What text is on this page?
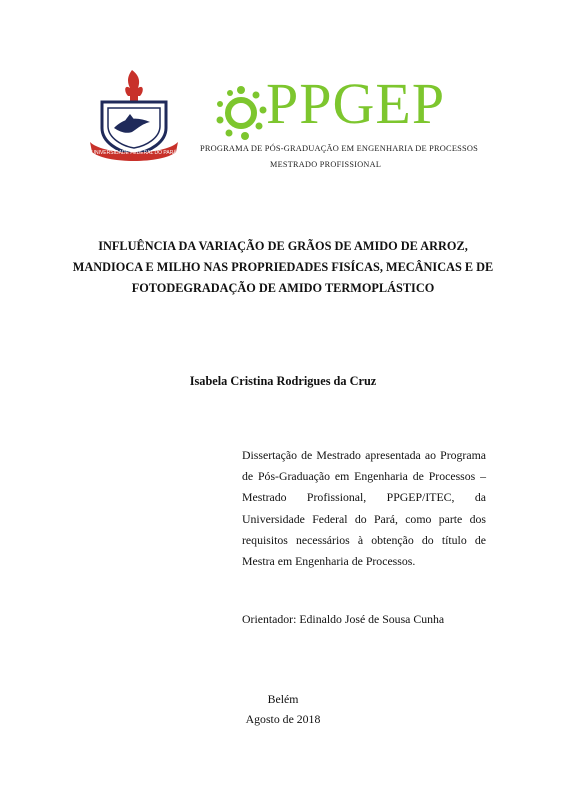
UNIVERSIDADE FEDERAL DO PARÁ
PPGEP
PROGRAMA DE PÓS-GRADUAÇÃO EM ENGENHARIA DE PROCESSOS
MESTRADO PROFISSIONAL
INFLUÊNCIA DA VARIAÇÃO DE GRÃOS DE AMIDO DE ARROZ,
MANDIOCA E MILHO NAS PROPRIEDADES FISÍCAS, MECÂNICAS E DE
FOTODEGRADAÇÃO DE AMIDO TERMOPLÁSTICO
Isabela Cristina Rodrigues da Cruz
Dissertação de Mestrado apresentada ao Programa de Pós-Graduação em Engenharia de Processos – Mestrado Profissional, PPGEP/ITEC, da Universidade Federal do Pará, como parte dos requisitos necessários à obtenção do título de Mestra em Engenharia de Processos.
Orientador: Edinaldo José de Sousa Cunha
Belém
Agosto de 2018
